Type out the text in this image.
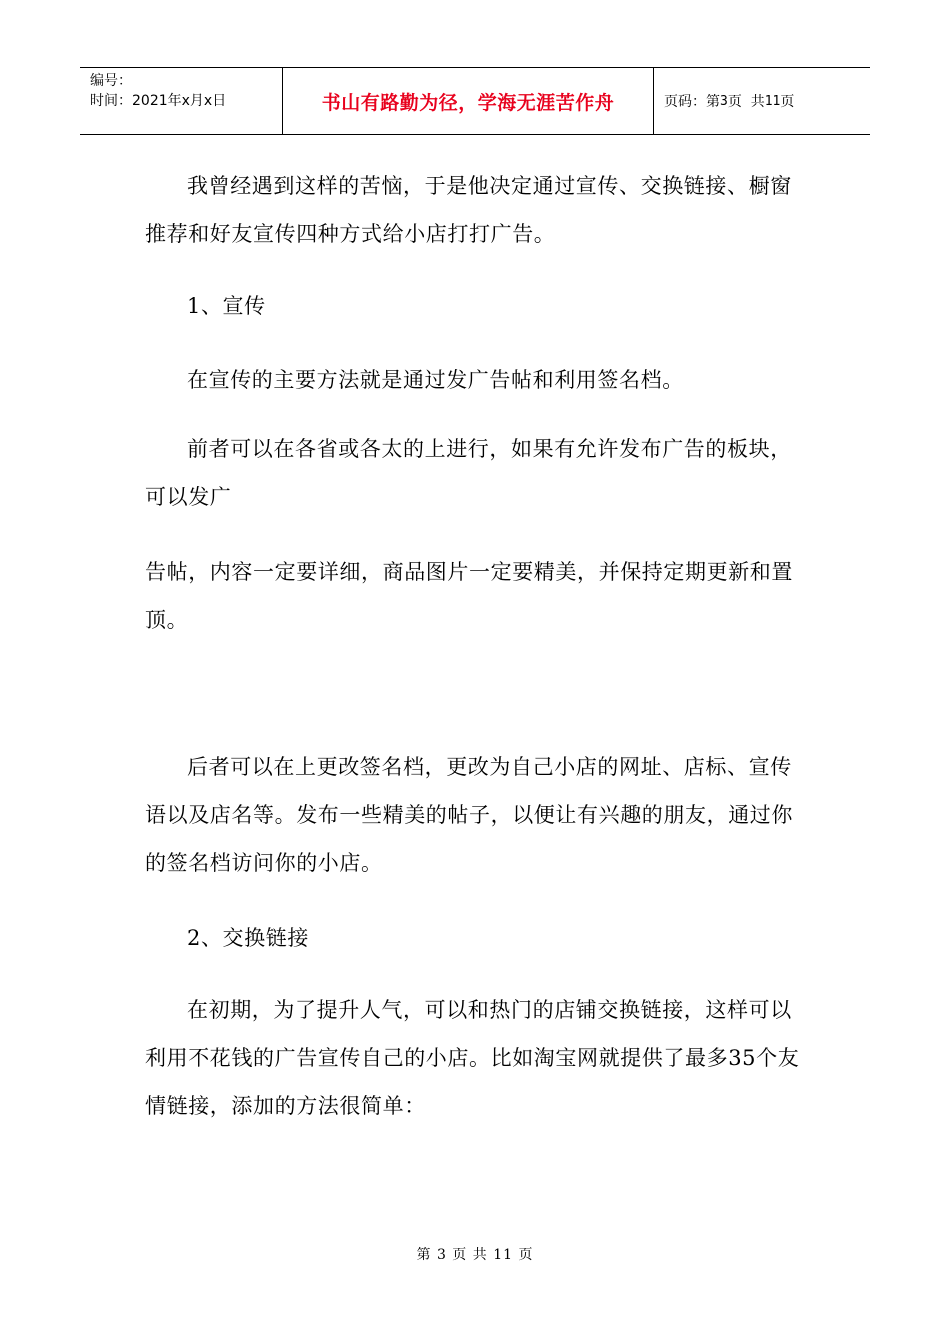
编号：
时间：2021年x月x日	书山有路勤为径，学海无涯苦作舟	页码：第 3 页  共 11 页

我曾经遇到这样的苦恼，于是他决定通过宣传、交换链接、橱窗推荐和好友宣传四种方式给小店打打广告。

1、宣传

在宣传的主要方法就是通过发广告帖和利用签名档。

前者可以在各省或各太的上进行，如果有允许发布广告的板块，可以发广

告帖，内容一定要详细，商品图片一定要精美，并保持定期更新和置顶。

后者可以在上更改签名档，更改为自己小店的网址、店标、宣传语以及店名等。发布一些精美的帖子，以便让有兴趣的朋友，通过你的签名档访问你的小店。

2、交换链接

在初期，为了提升人气，可以和热门的店铺交换链接，这样可以利用不花钱的广告宣传自己的小店。比如淘宝网就提供了最多35个友情链接，添加的方法很简单：

第 3 页 共 11 页
